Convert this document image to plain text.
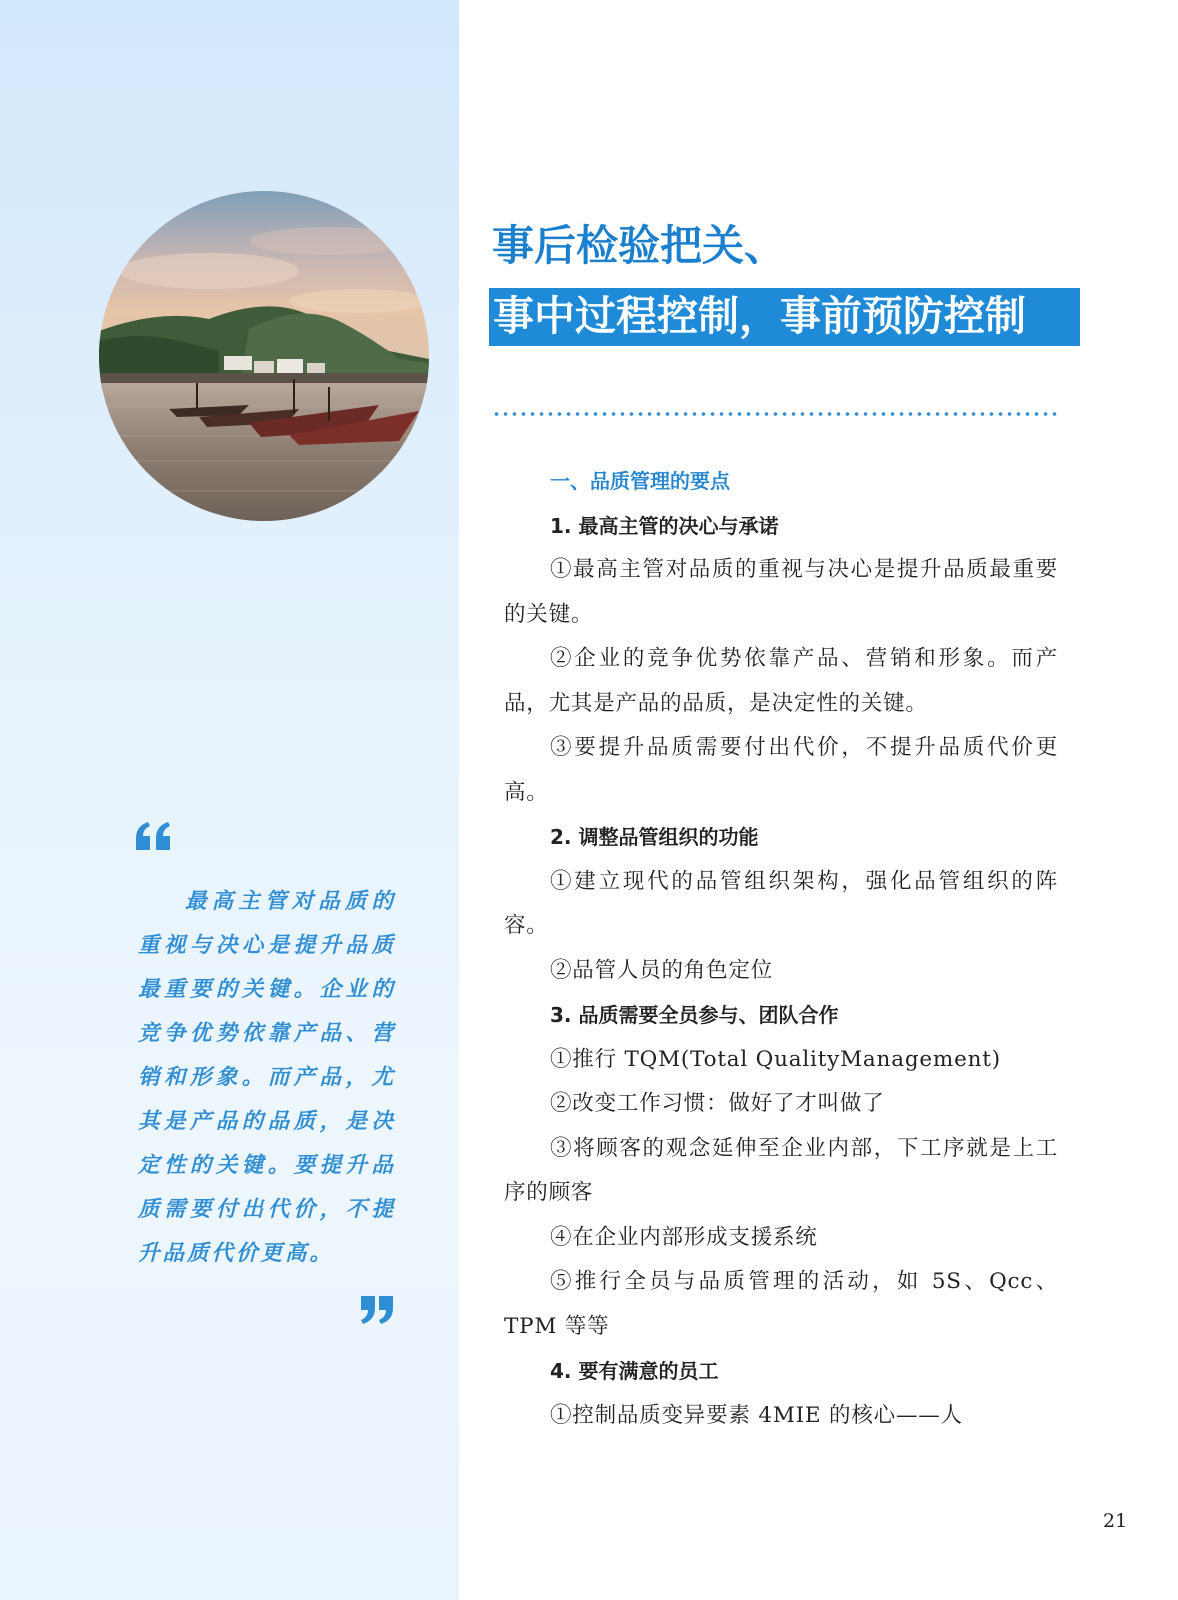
最高主管对品质的重视与决心是提升品质最重要的关键。企业的竞争优势依靠产品、营销和形象。而产品，尤其是产品的品质，是决定性的关键。要提升品质需要付出代价，不提升品质代价更高。

事后检验把关、
事中过程控制，事前预防控制

一、品质管理的要点

1. 最高主管的决心与承诺

①最高主管对品质的重视与决心是提升品质最重要的关键。

②企业的竞争优势依靠产品、营销和形象。而产品，尤其是产品的品质，是决定性的关键。

③要提升品质需要付出代价，不提升品质代价更高。

2. 调整品管组织的功能

①建立现代的品管组织架构，强化品管组织的阵容。

②品管人员的角色定位

3. 品质需要全员参与、团队合作

①推行 TQM(Total QualityManagement)

②改变工作习惯：做好了才叫做了

③将顾客的观念延伸至企业内部，下工序就是上工序的顾客

④在企业内部形成支援系统

⑤推行全员与品质管理的活动，如 5S、Qcc、TPM 等等

4. 要有满意的员工

①控制品质变异要素 4MIE 的核心——人

21
